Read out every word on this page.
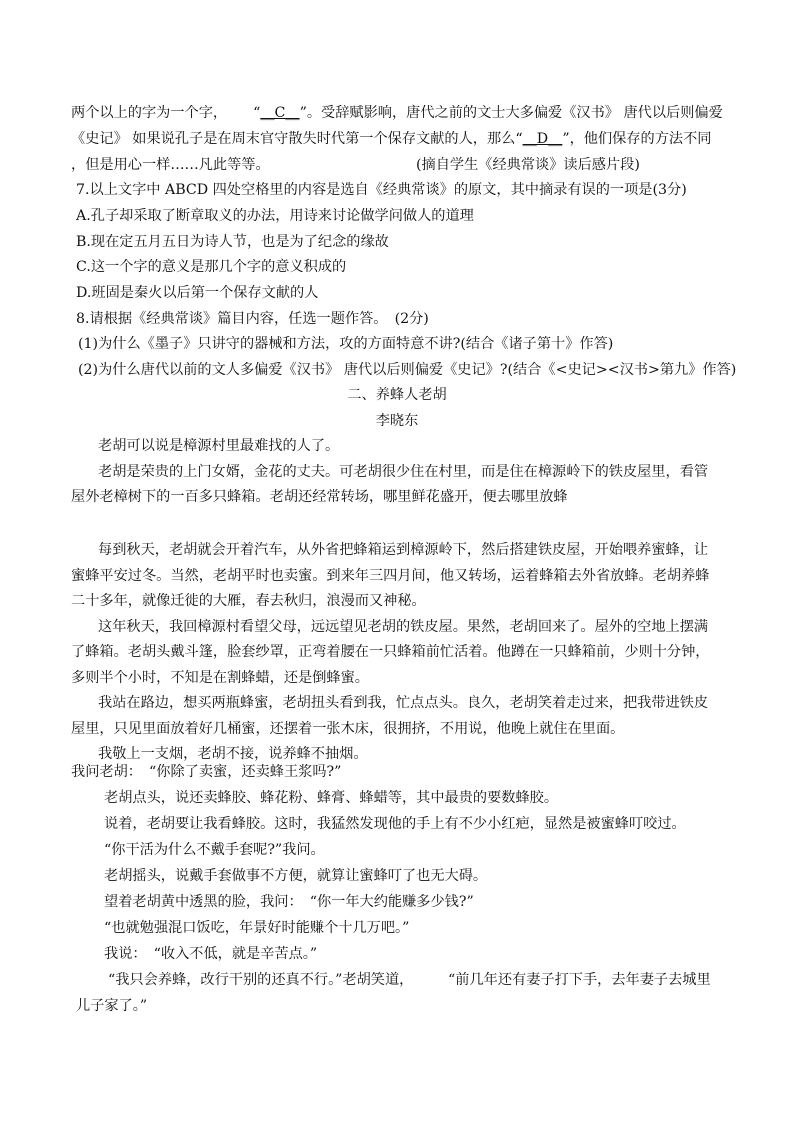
两个以上的字为一个字， “__C__”。受辞赋影响，唐代之前的文士大多偏爱《汉书》 唐代以后则偏爱
《史记》 如果说孔子是在周末官守散失时代第一个保存文献的人，那么“__D__”，他们保存的方法不同
，但是用心一样……凡此等等。	(摘自学生《经典常谈》读后感片段)
7.以上文字中 ABCD 四处空格里的内容是选自《经典常谈》的原文，其中摘录有误的一项是(3分)
A.孔子却采取了断章取义的办法，用诗来讨论做学问做人的道理
B.现在定五月五日为诗人节，也是为了纪念的缘故
C.这一个字的意义是那几个字的意义积成的
D.班固是秦火以后第一个保存文献的人
8.请根据《经典常谈》篇目内容，任选一题作答。　(2分)
(1)为什么《墨子》只讲守的器械和方法，攻的方面特意不讲?(结合《诸子第十》作答)
(2)为什么唐代以前的文人多偏爱《汉书》 唐代以后则偏爱《史记》?(结合《<史记><汉书>第九》作答)
二、养蜂人老胡
李晓东
老胡可以说是樟源村里最难找的人了。
老胡是荣贵的上门女婿，金花的丈夫。可老胡很少住在村里，而是住在樟源岭下的铁皮屋里，看管
屋外老樟树下的一百多只蜂箱。老胡还经常转场，哪里鲜花盛开，便去哪里放蜂
每到秋天，老胡就会开着汽车，从外省把蜂箱运到樟源岭下，然后搭建铁皮屋，开始喂养蜜蜂，让
蜜蜂平安过冬。当然，老胡平时也卖蜜。到来年三四月间，他又转场，运着蜂箱去外省放蜂。老胡养蜂
二十多年，就像迁徙的大雁，春去秋归，浪漫而又神秘。
这年秋天，我回樟源村看望父母，远远望见老胡的铁皮屋。果然，老胡回来了。屋外的空地上摆满
了蜂箱。老胡头戴斗篷，脸套纱罩，正弯着腰在一只蜂箱前忙活着。他蹲在一只蜂箱前，少则十分钟，
多则半个小时，不知是在割蜂蜡，还是倒蜂蜜。
我站在路边，想买两瓶蜂蜜，老胡扭头看到我，忙点点头。良久，老胡笑着走过来，把我带进铁皮
屋里，只见里面放着好几桶蜜，还摆着一张木床，很拥挤，不用说，他晚上就住在里面。
我敬上一支烟，老胡不接，说养蜂不抽烟。
我问老胡：　“你除了卖蜜，还卖蜂王浆吗?”
老胡点头，说还卖蜂胶、蜂花粉、蜂膏、蜂蜡等，其中最贵的要数蜂胶。
说着，老胡要让我看蜂胶。这时，我猛然发现他的手上有不少小红疤，显然是被蜜蜂叮咬过。
“你干活为什么不戴手套呢?”我问。
老胡摇头，说戴手套做事不方便，就算让蜜蜂叮了也无大碍。
望着老胡黄中透黑的脸，我问：　“你一年大约能赚多少钱?”
“也就勉强混口饭吃，年景好时能赚个十几万吧。”
我说：　“收入不低，就是辛苦点。”
“我只会养蜂，改行干别的还真不行。”老胡笑道， “前几年还有妻子打下手，去年妻子去城里
儿子家了。”
